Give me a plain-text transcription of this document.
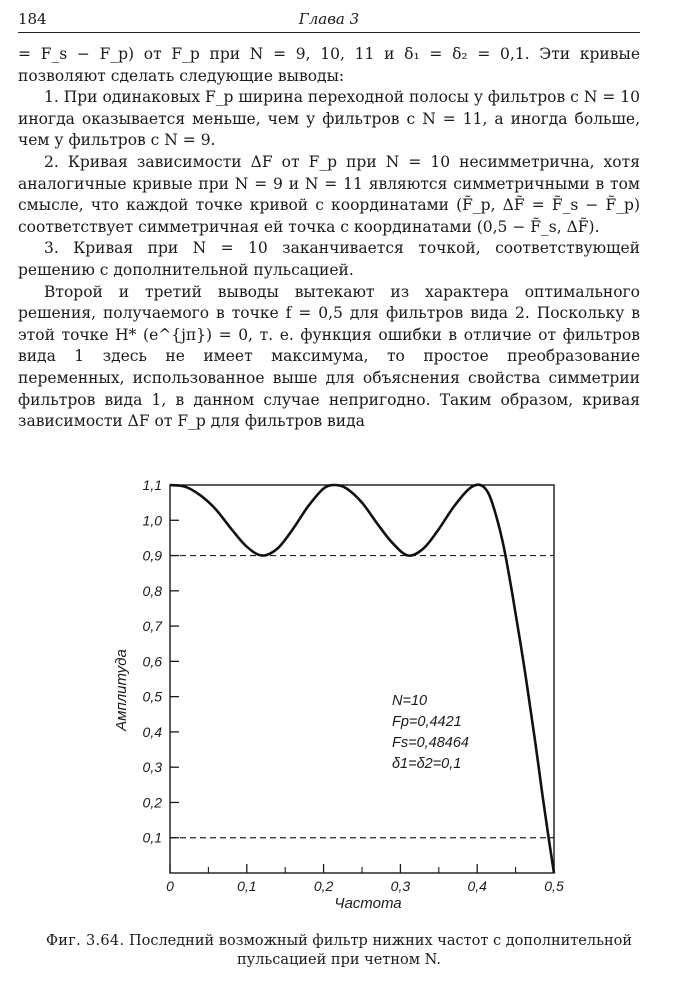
184	Глава 3

= F_s − F_p) от F_p при N = 9, 10, 11 и δ₁ = δ₂ = 0,1. Эти кривые позволяют сделать следующие выводы:

1. При одинаковых F_p ширина переходной полосы у фильтров с N = 10 иногда оказывается меньше, чем у фильтров с N = 11, а иногда больше, чем у фильтров с N = 9.

2. Кривая зависимости ΔF от F_p при N = 10 несимметрична, хотя аналогичные кривые при N = 9 и N = 11 являются симметричными в том смысле, что каждой точке кривой с координатами (F̃_p, ΔF̃ = F̃_s − F̃_p) соответствует симметричная ей точка с координатами (0,5 − F̃_s, ΔF̃).

3. Кривая при N = 10 заканчивается точкой, соответствующей решению с дополнительной пульсацией.

Второй и третий выводы вытекают из характера оптимального решения, получаемого в точке f = 0,5 для фильтров вида 2. Поскольку в этой точке H* (e^{jπ}) = 0, т. е. функция ошибки в отличие от фильтров вида 1 здесь не имеет максимума, то простое преобразование переменных, использованное выше для объяснения свойства симметрии фильтров вида 1, в данном случае непригодно. Таким образом, кривая зависимости ΔF от F_p для фильтров вида

0	0,1	0,2	0,3	0,4	0,5
0,1
0,2
0,3
0,4
0,5
0,6
0,7
0,8
0,9
1,0
1,1
Частота
Амплитуда	N=10
Fp=0,4421
Fs=0,48464
δ1=δ2=0,1
Фиг. 3.64. Последний возможный фильтр нижних частот с дополнительной пульсацией при четном N.
